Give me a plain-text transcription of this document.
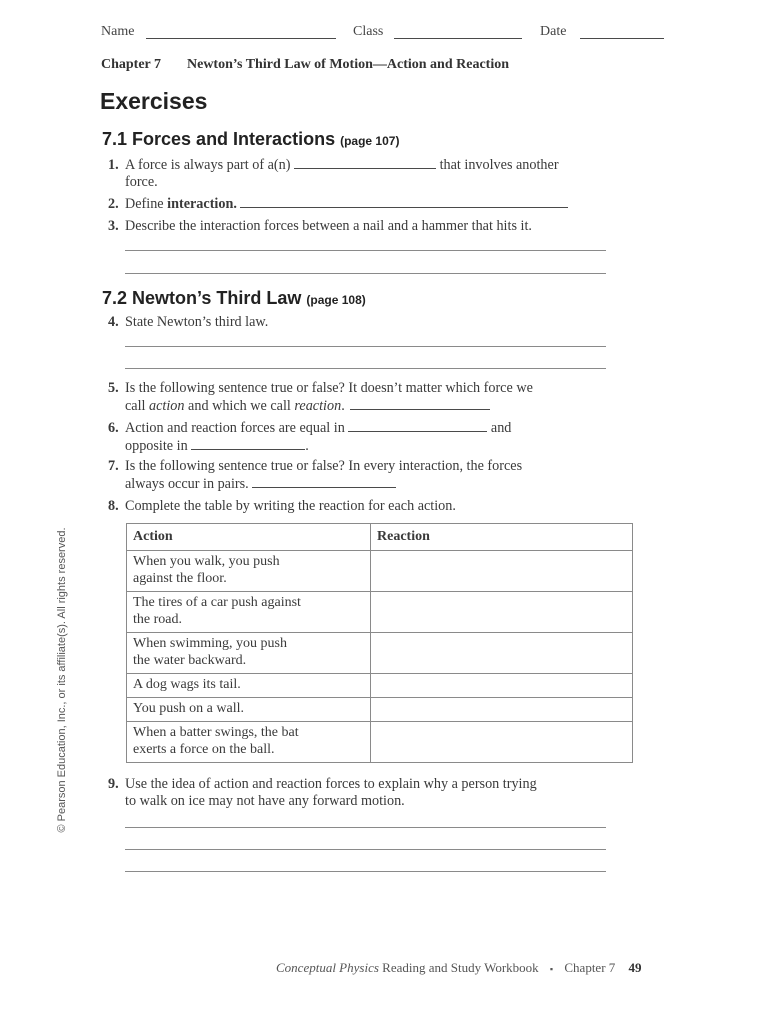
Name	Class	Date
Chapter 7 Newton’s Third Law of Motion—Action and Reaction
Exercises
7.1 Forces and Interactions (page 107)
1. A force is always part of a(n)	that involves another
force.
2. Define interaction.
3. Describe the interaction forces between a nail and a hammer that hits it.
7.2 Newton’s Third Law (page 108)
4. State Newton’s third law.
5. Is the following sentence true or false? It doesn’t matter which force we
call action and which we call reaction.
6. Action and reaction forces are equal in	and
opposite in	.
7. Is the following sentence true or false? In every interaction, the forces
always occur in pairs.
8. Complete the table by writing the reaction for each action.
Action	Reaction

When you walk, you push
against the floor.	

The tires of a car push against
the road.	

When swimming, you push
the water backward.	

A dog wags its tail.	

You push on a wall.	

When a batter swings, the bat
exerts a force on the ball.	

9. Use the idea of action and reaction forces to explain why a person trying
to walk on ice may not have any forward motion.
© Pearson Education, Inc., or its affiliate(s). All rights reserved.
Conceptual Physics Reading and Study Workbook ▪ Chapter 7 49
